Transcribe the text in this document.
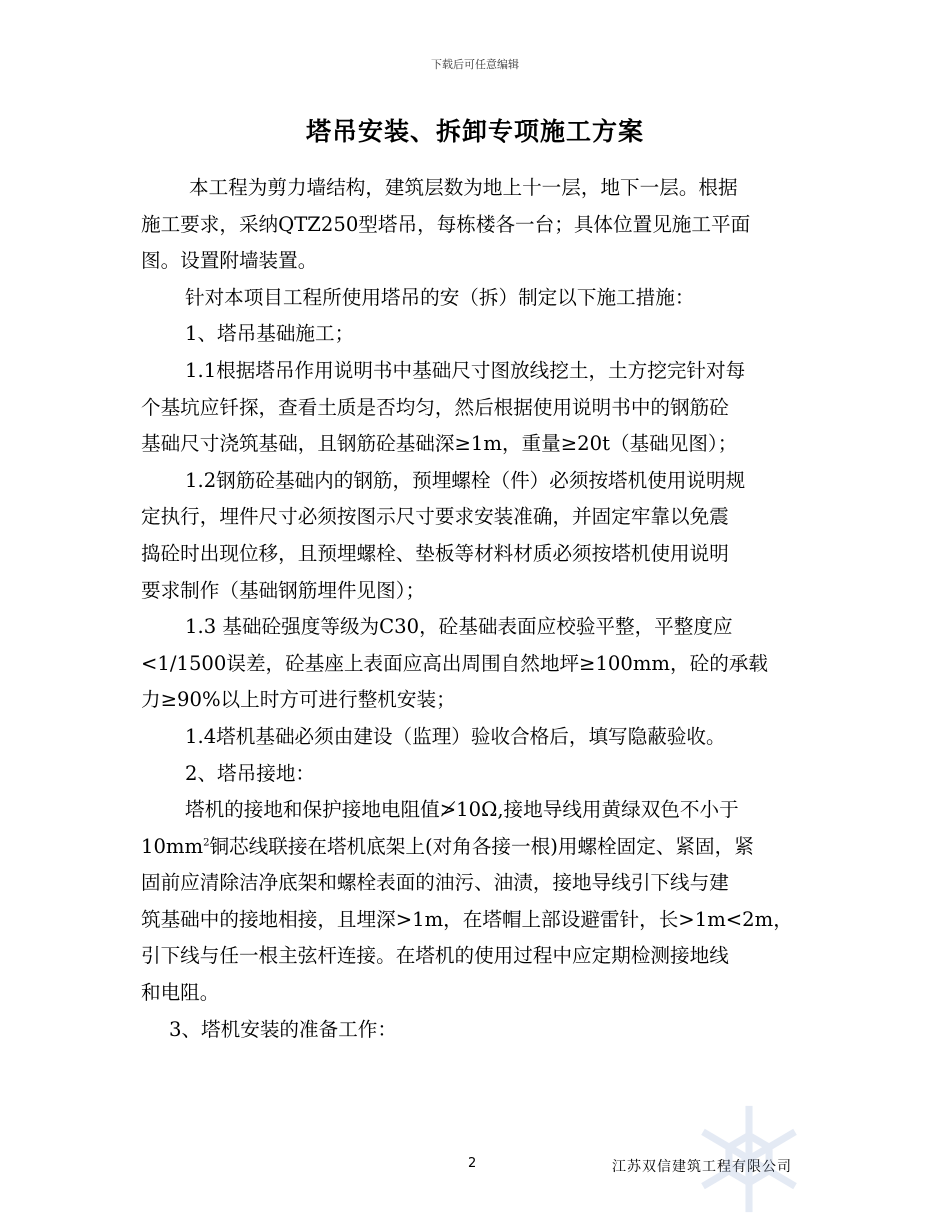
下载后可任意编辑
塔吊安装、拆卸专项施工方案
本工程为剪力墙结构，建筑层数为地上十一层，地下一层。根据
施工要求，采纳QTZ250型塔吊，每栋楼各一台；具体位置见施工平面
图。设置附墙装置。
针对本项目工程所使用塔吊的安（拆）制定以下施工措施：
1、塔吊基础施工；
1.1根据塔吊作用说明书中基础尺寸图放线挖土，土方挖完针对每
个基坑应钎探，查看土质是否均匀，然后根据使用说明书中的钢筋砼
基础尺寸浇筑基础，且钢筋砼基础深≥1m，重量≥20t（基础见图）；
1.2钢筋砼基础内的钢筋，预埋螺栓（件）必须按塔机使用说明规
定执行，埋件尺寸必须按图示尺寸要求安装准确，并固定牢靠以免震
捣砼时出现位移，且预埋螺栓、垫板等材料材质必须按塔机使用说明
要求制作（基础钢筋埋件见图）；
1.3 基础砼强度等级为C30，砼基础表面应校验平整，平整度应
<1/1500误差，砼基座上表面应高出周围自然地坪≥100mm，砼的承载
力≥90%以上时方可进行整机安装；
1.4塔机基础必须由建设（监理）验收合格后，填写隐蔽验收。
2、塔吊接地：
塔机的接地和保护接地电阻值≯10Ω,接地导线用黄绿双色不小于
$10mm^2$铜芯线联接在塔机底架上(对角各接一根)用螺栓固定、紧固，紧
固前应清除洁净底架和螺栓表面的油污、油渍，接地导线引下线与建
筑基础中的接地相接，且埋深>1m，在塔帽上部设避雷针，长>1m<2m，
引下线与任一根主弦杆连接。在塔机的使用过程中应定期检测接地线
和电阻。
3、塔机安装的准备工作：
2	江苏双信建筑工程有限公司
